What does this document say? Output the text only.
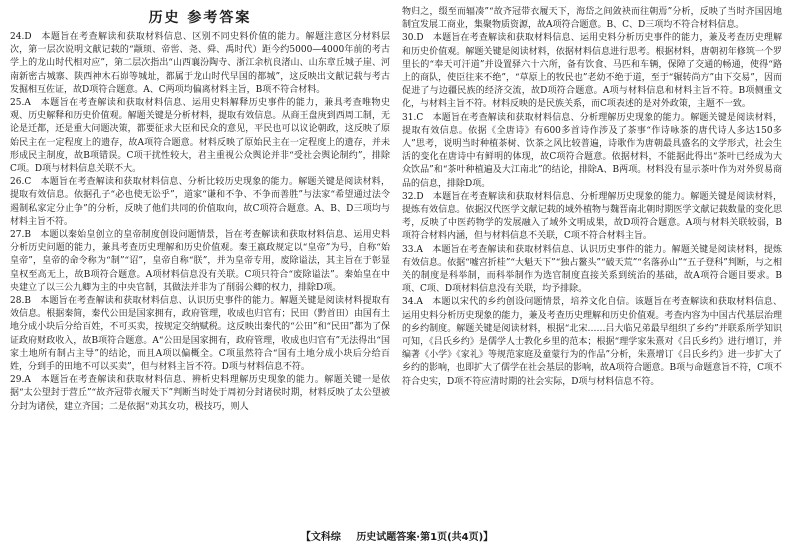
历史 参考答案

24.D　本题旨在考查解读和获取材料信息、区别不同史料价值的能力。解题注意区分材料层次，第一层次说明文献记载的“颛顼、帝喾、尧、舜、禹时代）距今约5000—4000年前的考古学上的龙山时代相对应”，第二层次指出“山西襄汾陶寺、浙江余杭良渚山、山东章丘城子崖、河南新密古城寨、陕西神木石峁等城址，都属于龙山时代早国的都城”，这反映出文献记载与考古发掘相互佐证，故D项符合题意。A、C两项均偏离材料主旨，B项不符合材料。

25.A　本题旨在考查解读和获取材料信息、运用史料解释历史事件的能力，兼具考查唯物史观、历史解释和历史价值观。解题关键是分析材料，提取有效信息。从商王盘庚到西周工制，无论是迁都，还是重大问题决策，都要征求大臣和民众的意见，平民也可以议论朝政，这反映了原始民主在一定程度上的遗存，故A项符合题意。材料反映了原始民主在一定程度上的遗存，并未形成民主制度，故B项错误。C项干扰性较大，君主重视公众舆论并非“受社会舆论制约”，排除C项。D项与材料信息关联不大。

26.C　本题旨在考查解读和获取材料信息、分析比较历史现象的能力。解题关键是阅读材料，提取有效信息。依据孔子“必也使无讼乎”，道家“谦和不争、不争而善胜”与法家“希望通过法令遏制私家定分止争”的分析，反映了他们共同的价值取向，故C项符合题意。A、B、D三项均与材料主旨不符。

27.B　本题以秦始皇创立的皇帝制度创设问题情景，旨在考查解读和获取材料信息、运用史料分析历史问题的能力，兼具考查历史理解和历史价值观。秦王嬴政规定以“皇帝”为号，自称“始皇帝”，皇帝的命令称为“制”“诏”，皇帝自称“朕”，并为皇帝专用，废除谥法，其主旨在于彰显皇权至高无上，故B项符合题意。A项材料信息没有关联。C项只符合“废除谥法”。秦始皇在中央建立了以三公九卿为主的中央官制，其做法并非为了削弱公卿的权力，排除D项。

28.B　本题旨在考查解读和获取材料信息、认识历史事件的能力。解题关键是阅读材料提取有效信息。根据秦简，秦代公田是国家拥有，政府管理，收成也归官有；民田（黔首田）由国有土地分成小块后分给百姓，不可买卖，按规定交纳赋税。这反映出秦代的“公田”和“民田”都为了保证政府财政收入，故B项符合题意。A“公田是国家拥有，政府管理，收成也归官有”无法得出“国家土地所有制占主导”的结论，而且A项以偏概全。C项虽然符合“国有土地分成小块后分给百姓，分到手的田地不可以买卖”，但与材料主旨不符。D项与材料信息不符。

29.A　本题旨在考查解读和获取材料信息、辨析史料理解历史现象的能力。解题关键一是依据“太公望封于营丘”“故齐冠带衣履天下”判断当时处于周初分封诸侯时期，材料反映了太公望被分封为诸侯，建立齐国；二是依据“劝其女功，极技巧，则人

物归之，缀至而辐凑”“故齐冠带衣履天下，海岱之间敛袂而往朝焉”分析，反映了当时齐国因地制宜发展工商业，集聚物质资源，故A项符合题意。B、C、D三项均不符合材料信息。

30.D　本题旨在考查解读和获取材料信息、运用史料分析历史事件的能力，兼及考查历史理解和历史价值观。解题关键是阅读材料，依据材料信息进行思考。根据材料，唐朝初年修筑一个罗里长的“奉天可汗道”并设置驿六十六所，备有饮食、马匹和车辆，保障了交通的畅通，使得“路上的商队，使臣往来不绝”，“草原上的牧民也”老幼不绝于道，至于“辗转尚方”由下交易”，因而促进了与边疆民族的经济交流，故D项符合题意。A项与材料信息和材料主旨不符。B项侧重文化，与材料主旨不符。材料反映的是民族关系，而C项表述的是对外政策，主题不一致。

31.C　本题旨在考查解读和获取材料信息、分析理解历史现象的能力。解题关键是阅读材料，提取有效信息。依据《全唐诗》有600多首诗作涉及了茶事“作诗咏茶的唐代诗人多达150多人”思考，说明当时种植茶树、饮茶之风比较普遍，诗歌作为唐朝最具盛名的文学形式，社会生活的变化在唐诗中有鲜明的体现，故C项符合题意。依据材料，不能据此得出“茶叶已经成为大众饮品”和“茶叶种植遍及大江南北”的结论，排除A、B两项。材料没有显示茶叶作为对外贸易商品的信息，排除D项。

32.D　本题旨在考查解读和获取材料信息、分析理解历史现象的能力。解题关键是阅读材料，提炼有效信息。依据汉代医学文献记载的域外植物与魏晋南北朝时期医学文献记载数量的变化思考，反映了中医药物学的发展融入了域外文明成果，故D项符合题意。A项与材料关联较弱，B项符合材料内涵，但与材料信息不关联，C项不符合材料主旨。

33.A　本题旨在考查解读和获取材料信息、认识历史事件的能力。解题关键是阅读材料，提炼有效信息。依据“嘘宫折桂”“大魁天下”“独占鳌头”“破天荒”“名落孙山”“五子登科”判断，与之相关的制度是科举制，而科举制作为选官制度直接关系到统治的基础，故A项符合题目要求。B项、C项、D项材料信息没有关联，均予排除。

34.A　本题以宋代的乡约创设问题情景，培养文化自信。该题旨在考查解读和获取材料信息、运用史料分析历史现象的能力，兼及考查历史理解和历史价值观。考查内容为中国古代基层治理的乡约制度。解题关键是阅读材料，根据“北宋……吕大临兄弟最早组织了乡约”并联系所学知识可知，《吕氏乡约》是儒学人士教化乡里的范本；根据“理学家朱熹对《吕氏乡约》进行增订，并编著《小学》《家礼》等规范家庭及童蒙行为的作品”分析，朱熹增订《吕氏乡约》进一步扩大了乡约的影响，也即扩大了儒学在社会基层的影响，故A项符合题意。B项与命题意旨不符，C项不符合史实，D项不符应清时期的社会实际，D项与材料信息不符。

【文科综 历史试题答案·第1页(共4页)】
